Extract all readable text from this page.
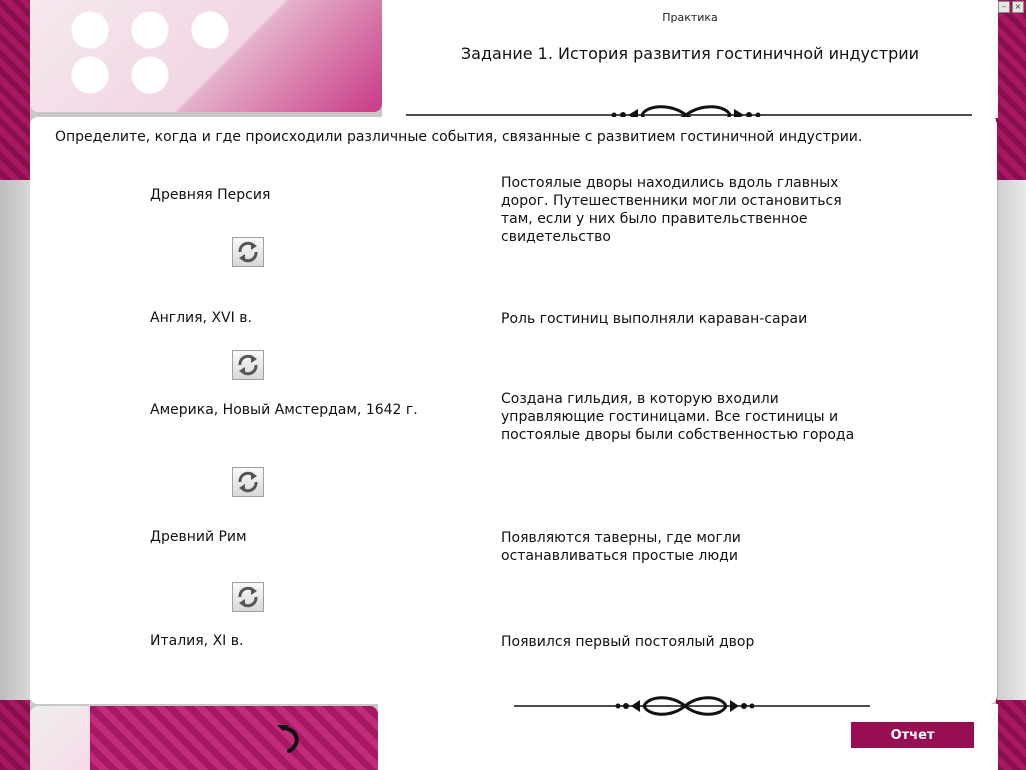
Практика
Задание 1. История развития гостиничной индустрии
Определите, когда и где происходили различные события, связанные с развитием гостиничной индустрии.
Древняя Персия
Англия, XVI в.
Америка, Новый Амстердам, 1642 г.
Древний Рим
Италия, XI в.
Постоялые дворы находились вдоль главных дорог. Путешественники могли остановиться там, если у них было правительственное свидетельство
Роль гостиниц выполняли караван-сараи
Создана гильдия, в которую входили управляющие гостиницами. Все гостиницы и постоялые дворы были собственностью города
Появляются таверны, где могли останавливаться простые люди
Появился первый постоялый двор
Отчет
–	×
